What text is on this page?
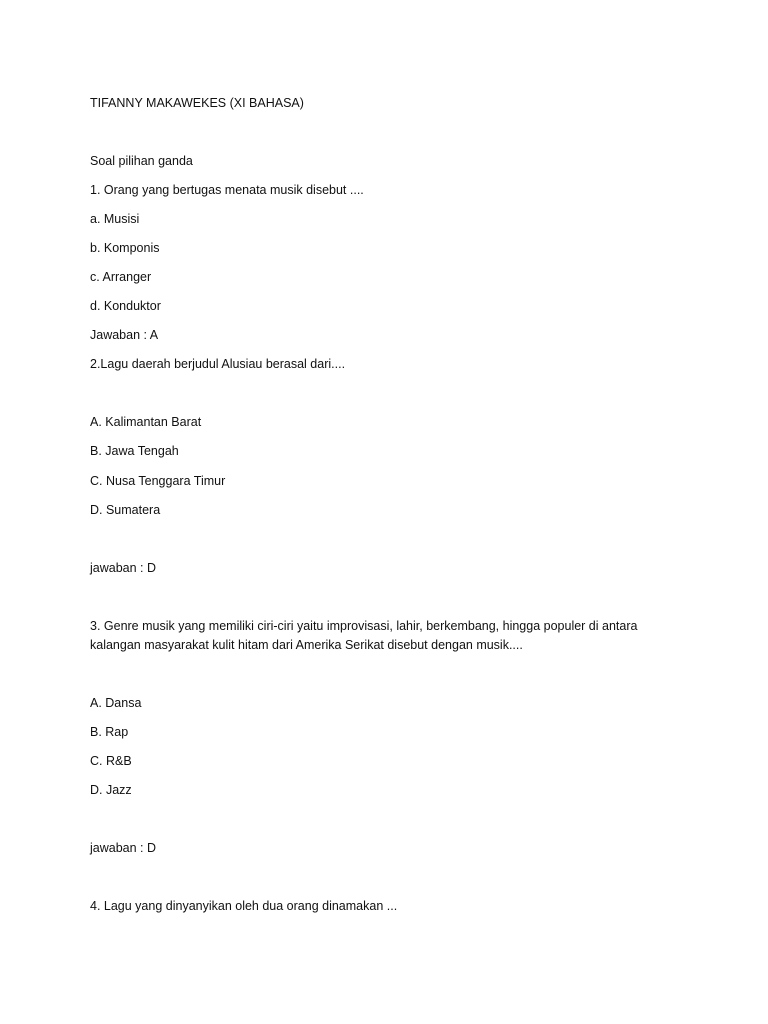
TIFANNY MAKAWEKES (XI BAHASA)
Soal pilihan ganda
1. Orang yang bertugas menata musik disebut ....
a. Musisi
b. Komponis
c. Arranger
d. Konduktor
Jawaban : A
2.Lagu daerah berjudul Alusiau berasal dari....
A. Kalimantan Barat
B. Jawa Tengah
C. Nusa Tenggara Timur
D. Sumatera
jawaban : D
3. Genre musik yang memiliki ciri-ciri yaitu improvisasi, lahir, berkembang, hingga populer di antara
kalangan masyarakat kulit hitam dari Amerika Serikat disebut dengan musik....
A. Dansa
B. Rap
C. R&B
D. Jazz
jawaban : D
4. Lagu yang dinyanyikan oleh dua orang dinamakan ...
